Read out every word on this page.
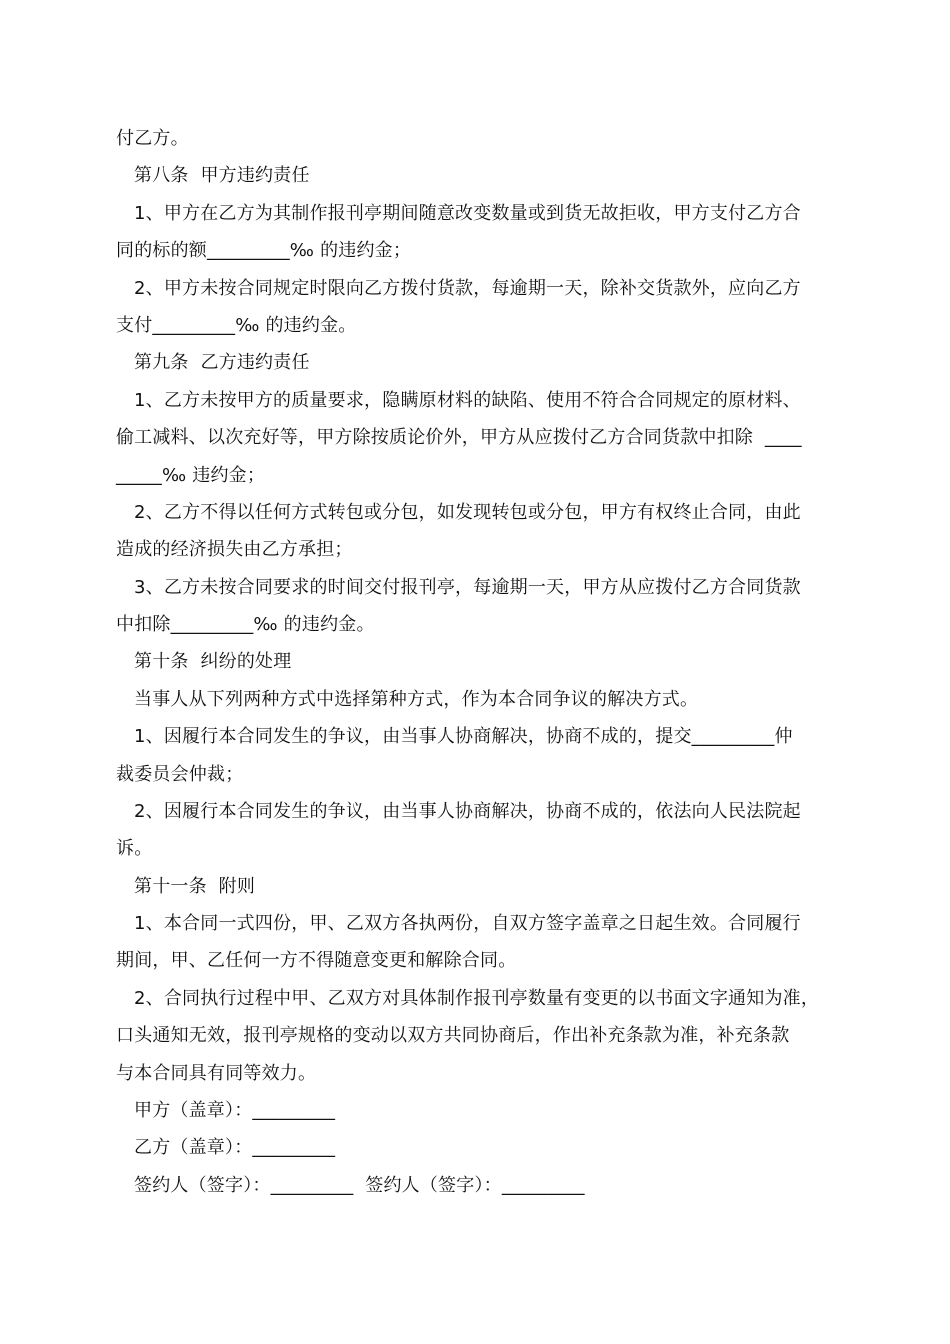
付乙方。
第八条  甲方违约责任
1、甲方在乙方为其制作报刊亭期间随意改变数量或到货无故拒收，甲方支付乙方合
同的标的额_________‰ 的违约金；
2、甲方未按合同规定时限向乙方拨付货款，每逾期一天，除补交货款外，应向乙方
支付_________‰ 的违约金。
第九条  乙方违约责任
1、乙方未按甲方的质量要求，隐瞒原材料的缺陷、使用不符合合同规定的原材料、
偷工减料、以次充好等，甲方除按质论价外，甲方从应拨付乙方合同货款中扣除  ____
_____‰ 违约金；
2、乙方不得以任何方式转包或分包，如发现转包或分包，甲方有权终止合同，由此
造成的经济损失由乙方承担；
3、乙方未按合同要求的时间交付报刊亭，每逾期一天，甲方从应拨付乙方合同货款
中扣除_________‰ 的违约金。
第十条  纠纷的处理
当事人从下列两种方式中选择第种方式，作为本合同争议的解决方式。
1、因履行本合同发生的争议，由当事人协商解决，协商不成的，提交_________仲
裁委员会仲裁；
2、因履行本合同发生的争议，由当事人协商解决，协商不成的，依法向人民法院起
诉。
第十一条  附则
1、本合同一式四份，甲、乙双方各执两份，自双方签字盖章之日起生效。合同履行
期间，甲、乙任何一方不得随意变更和解除合同。
2、合同执行过程中甲、乙双方对具体制作报刊亭数量有变更的以书面文字通知为准，
口头通知无效，报刊亭规格的变动以双方共同协商后，作出补充条款为准，补充条款
与本合同具有同等效力。
甲方（盖章）：_________
乙方（盖章）：_________
签约人（签字）：_________  签约人（签字）：_________
